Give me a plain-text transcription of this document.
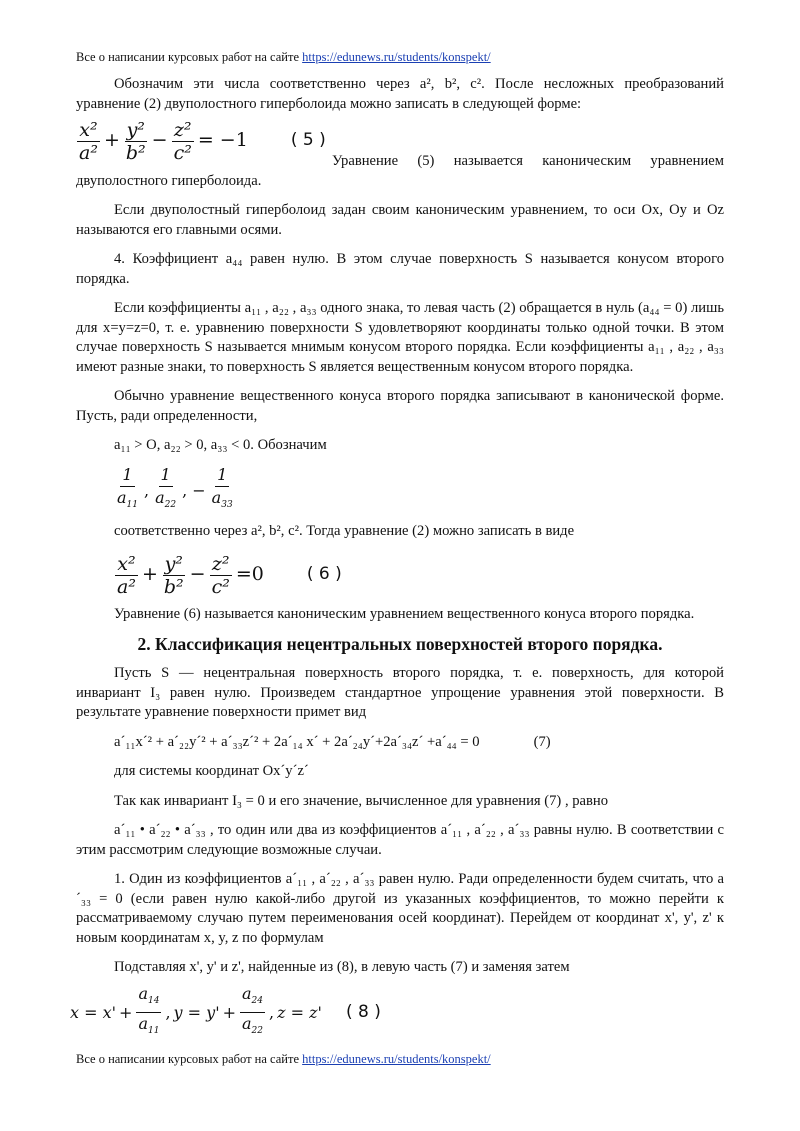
Все о написании курсовых работ на сайте https://edunews.ru/students/konspekt/

Обозначим эти числа соответственно через a², b², c². После несложных преобразований уравнение (2) двуполостного гиперболоида можно записать в следующей форме:

$\frac{\text{x²}}{\text{a²}} + \frac{\text{y²}}{\text{b²}} - \frac{\text{z²}}{\text{c²}} = -1$	( 5 )

Уравнение (5) называется каноническим уравнением двуполостного гиперболоида.

Если двуполостный гиперболоид задан своим каноническим уравнением, то оси Ox, Oy и Oz называются его главными осями.

4. Коэффициент a₄₄ равен нулю. В этом случае поверхность S называется конусом второго порядка.

Если коэффициенты a₁₁ , a₂₂ , a₃₃ одного знака, то левая часть (2) обращается в нуль (a₄₄ = 0) лишь для x=y=z=0, т. е. уравнению поверхности S удовлетворяют координаты только одной точки. В этом случае поверхность S называется мнимым конусом второго порядка. Если коэффициенты a₁₁ , a₂₂ , a₃₃ имеют разные знаки, то поверхность S является вещественным конусом второго порядка.

Обычно уравнение вещественного конуса второго порядка записывают в канонической форме. Пусть, ради определенности,

a₁₁ > O, a₂₂ > 0, a₃₃ < 0. Обозначим

$\frac{1}{a_{11}}$ , $\frac{1}{a_{22}}$ , − $\frac{1}{a_{33}}$

соответственно через a², b², c². Тогда уравнение (2) можно записать в виде

$\frac{\text{x²}}{\text{a²}} + \frac{\text{y²}}{\text{b²}} - \frac{\text{z²}}{\text{c²}} =0$	( 6 )

Уравнение (6) называется каноническим уравнением вещественного конуса второго порядка.

2. Классификация нецентральных поверхностей второго порядка.

Пусть S — нецентральная поверхность второго порядка, т. е. поверхность, для которой инвариант I₃ равен нулю. Произведем стандартное упрощение уравнения этой поверхности. В результате уравнение поверхности примет вид

a´₁₁x´² + a´₂₂y´² + a´₃₃z´² + 2a´₁₄ x´ + 2a´₂₄y´+2a´₃₄z´ +a´₄₄ = 0	(7)

для системы координат Ox´y´z´

Так как инвариант I₃ = 0 и его значение, вычисленное для уравнения (7) , равно

a´₁₁ • a´₂₂ • a´₃₃ , то один или два из коэффициентов a´₁₁ , a´₂₂ , a´₃₃ равны нулю. В соответствии с этим рассмотрим следующие возможные случаи.

1. Один из коэффициентов a´₁₁ , a´₂₂ , a´₃₃ равен нулю. Ради определенности будем считать, что a´₃₃ = 0 (если равен нулю какой-либо другой из указанных коэффициентов, то можно перейти к рассматриваемому случаю путем переименования осей координат). Перейдем от координат x', y', z' к новым координатам x, y, z по формулам

Подставляя x', y' и z', найденные из (8), в левую часть (7) и заменяя затем

x = x ' + $\frac{a_{14}}{a_{11}}$ , y = y ' + $\frac{a_{24}}{a_{22}}$ , z = z ' ( 8 )
Все о написании курсовых работ на сайте https://edunews.ru/students/konspekt/
